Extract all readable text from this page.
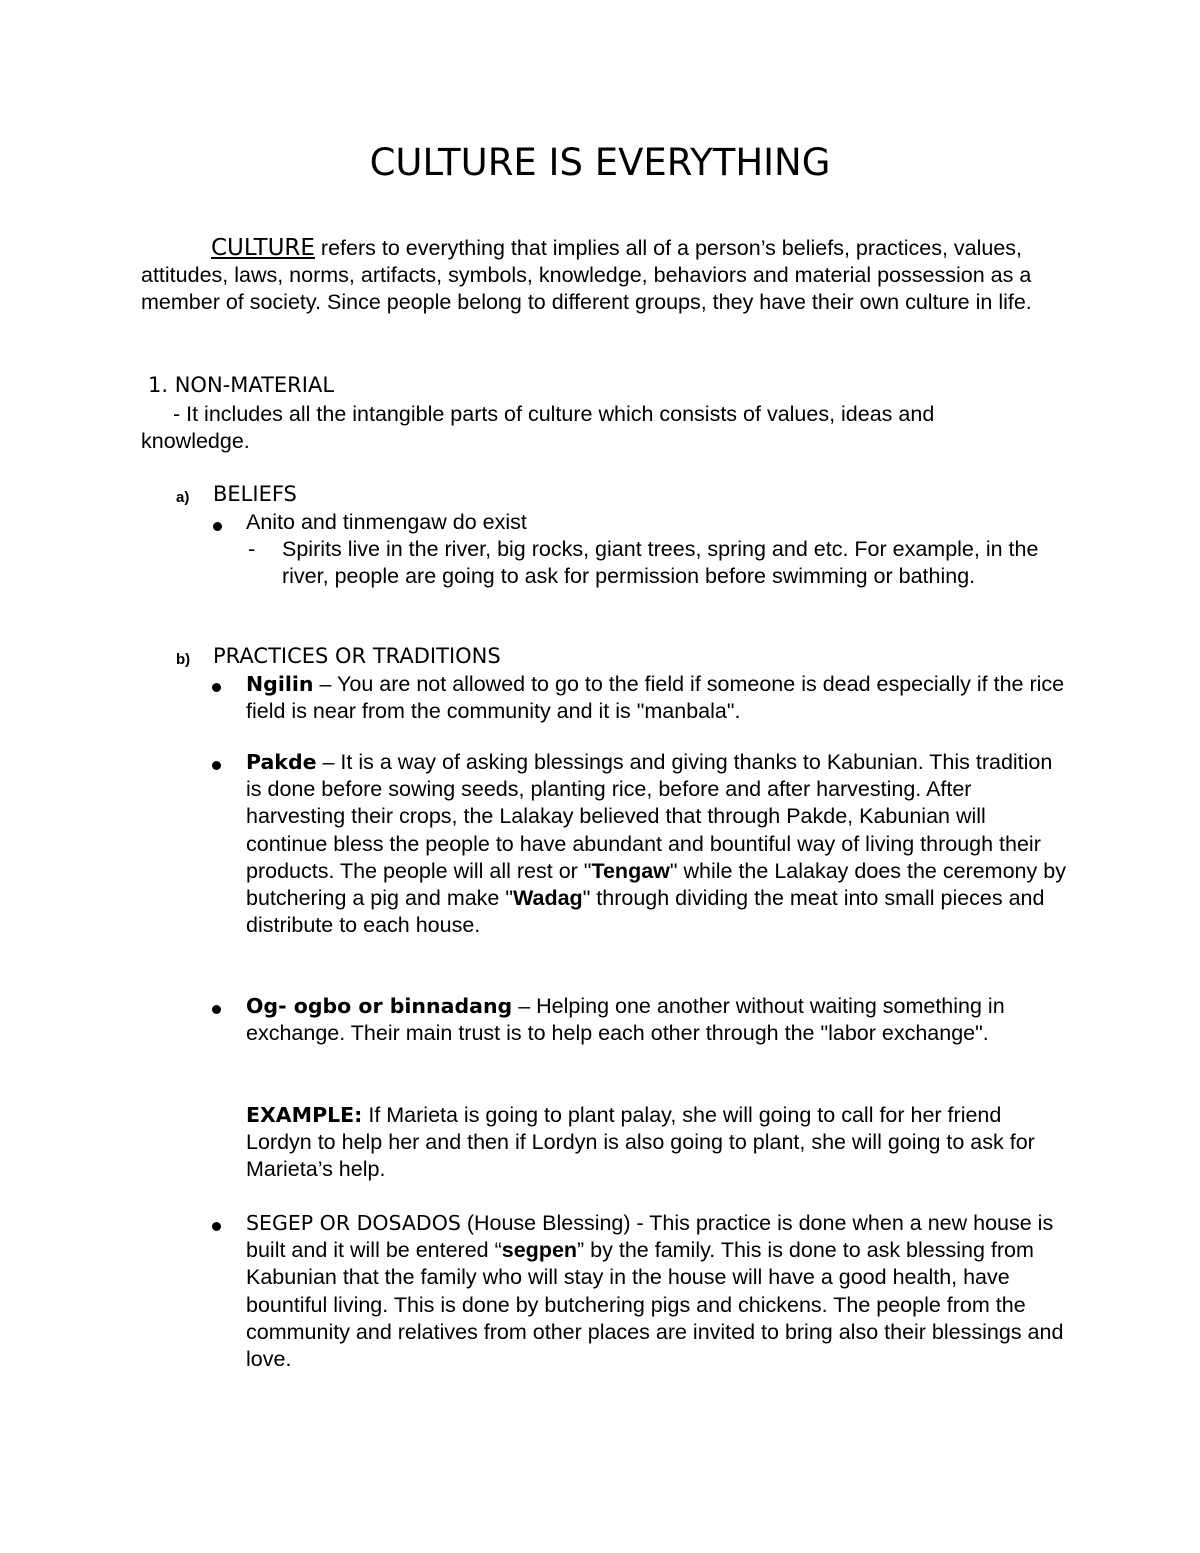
CULTURE IS EVERYTHING
CULTURE refers to everything that implies all of a person’s beliefs, practices, values, attitudes, laws, norms, artifacts, symbols, knowledge, behaviors and material possession as a member of society. Since people belong to different groups, they have their own culture in life.
1. NON-MATERIAL
- It includes all the intangible parts of culture which consists of values, ideas and knowledge.
a) BELIEFS
Anito and tinmengaw do exist
- Spirits live in the river, big rocks, giant trees, spring and etc. For example, in the river, people are going to ask for permission before swimming or bathing.
b) PRACTICES OR TRADITIONS
Ngilin – You are not allowed to go to the field if someone is dead especially if the rice field is near from the community and it is "manbala".
Pakde – It is a way of asking blessings and giving thanks to Kabunian. This tradition is done before sowing seeds, planting rice, before and after harvesting. After harvesting their crops, the Lalakay believed that through Pakde, Kabunian will continue bless the people to have abundant and bountiful way of living through their products. The people will all rest or "Tengaw" while the Lalakay does the ceremony by butchering a pig and make "Wadag" through dividing the meat into small pieces and distribute to each house.
Og- ogbo or binnadang – Helping one another without waiting something in exchange. Their main trust is to help each other through the "labor exchange".
EXAMPLE: If Marieta is going to plant palay, she will going to call for her friend Lordyn to help her and then if Lordyn is also going to plant, she will going to ask for Marieta’s help.
SEGEP OR DOSADOS (House Blessing) - This practice is done when a new house is built and it will be entered “segpen” by the family. This is done to ask blessing from Kabunian that the family who will stay in the house will have a good health, have bountiful living. This is done by butchering pigs and chickens. The people from the community and relatives from other places are invited to bring also their blessings and love.
